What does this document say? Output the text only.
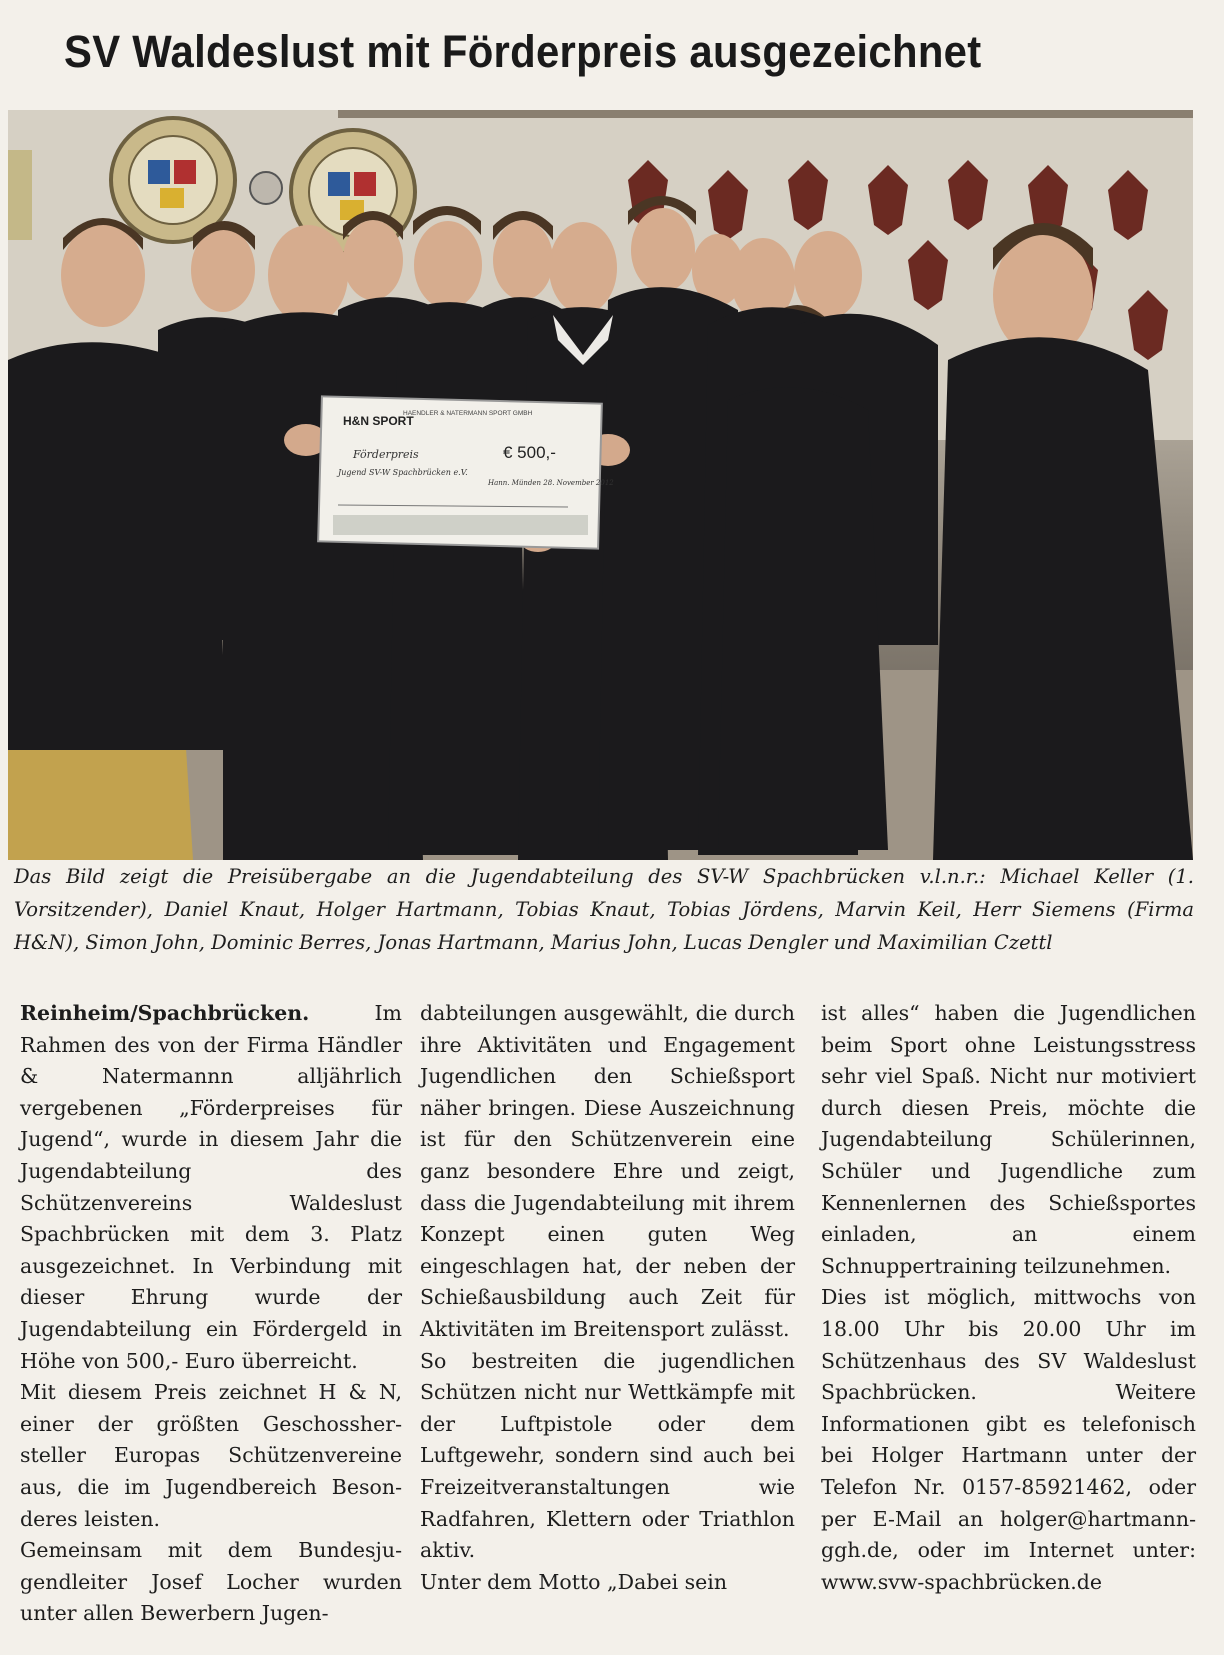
SV Waldeslust mit Förderpreis ausgezeichnet
H&N SPORT
HAENDLER & NATERMANN SPORT GMBH
€ 500,-
Förderpreis
Jugend SV-W Spachbrücken e.V.
Hann. Münden 28. November 2012
Das Bild zeigt die Preisübergabe an die Jugendabteilung des SV-W Spachbrücken v.l.n.r.: Michael Keller (1. Vorsitzender), Daniel Knaut, Holger Hartmann, Tobias Knaut, Tobias Jördens, Marvin Keil, Herr Siemens (Firma H&N), Simon John, Dominic Berres, Jonas Hartmann, Marius John, Lucas Dengler und Maximilian Czettl

Reinheim/Spachbrücken.	Im Rahmen des von der Firma Händler & Natermannn alljährlich vergebenen „Förderpreises für Jugend“, wurde in diesem Jahr die Jugendabteilung des Schützenvereins Waldeslust Spachbrücken mit dem 3. Platz ausgezeichnet. In Verbindung mit dieser Ehrung wurde der Jugendabteilung ein Fördergeld in Höhe von 500,- Euro überreicht.

Mit diesem Preis zeichnet H & N, einer der größten Geschosshersteller Europas Schützenvereine aus, die im Jugendbereich Besonderes leisten.

Gemeinsam mit dem Bundesjugendleiter Josef Locher wurden unter allen Bewerbern Jugen-

dabteilungen ausgewählt, die durch ihre Aktivitäten und Engagement Jugendlichen den Schießsport näher bringen. Diese Auszeichnung ist für den Schützenverein eine ganz besondere Ehre und zeigt, dass die Jugendabteilung mit ihrem Konzept einen guten Weg eingeschlagen hat, der neben der Schießausbildung auch Zeit für Aktivitäten im Breitensport zulässt.

So bestreiten die jugendlichen Schützen nicht nur Wettkämpfe mit der Luftpistole oder dem Luftgewehr, sondern sind auch bei Freizeitveranstaltungen wie Radfahren, Klettern oder Triathlon aktiv.

Unter dem Motto „Dabei sein

ist alles“ haben die Jugendlichen beim Sport ohne Leistungsstress sehr viel Spaß. Nicht nur motiviert durch diesen Preis, möchte die Jugendabteilung Schülerinnen, Schüler und Jugendliche zum Kennenlernen des Schießsportes einladen, an einem Schnuppertraining teilzunehmen.

Dies ist möglich, mittwochs von 18.00 Uhr bis 20.00 Uhr im Schützenhaus des SV Waldeslust Spachbrücken. Weitere Informationen gibt es telefonisch bei Holger Hartmann unter der Telefon Nr. 0157-85921462, oder per E-Mail an holger@hartmannggh.de, oder im Internet unter: www.svw-spachbrücken.de
